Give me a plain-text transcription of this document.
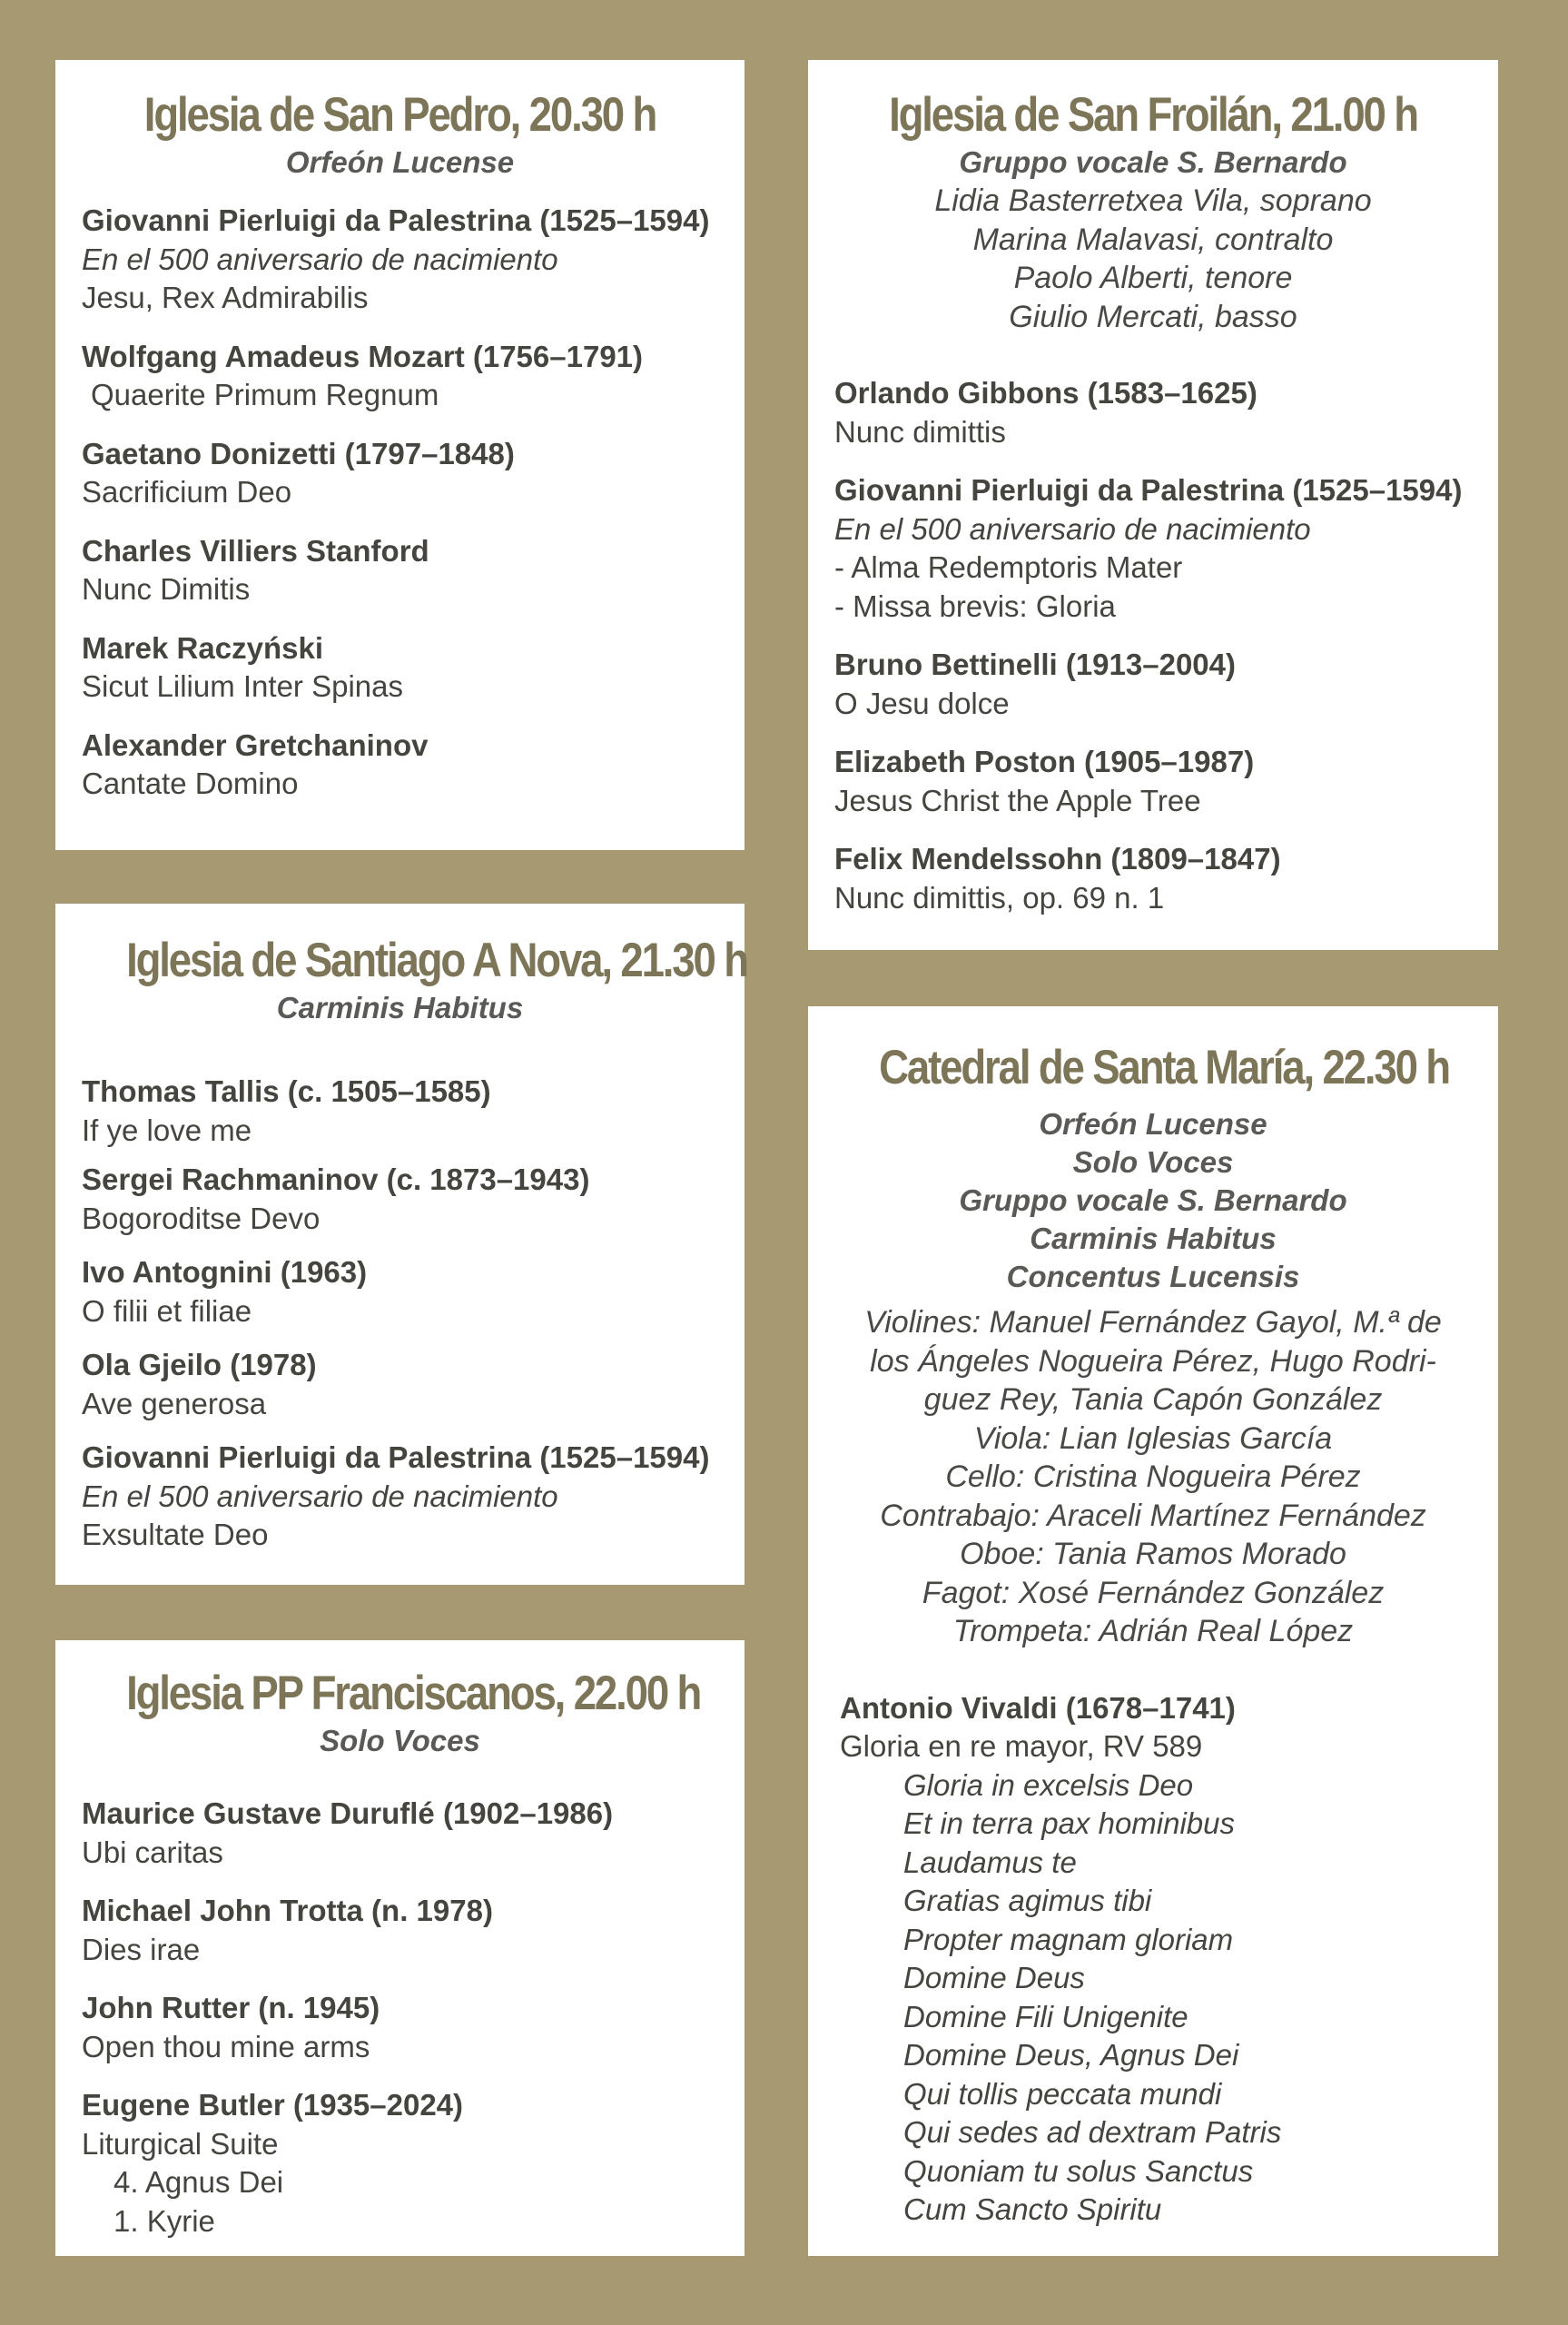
Iglesia de San Pedro, 20.30 h
Orfeón Lucense
Giovanni Pierluigi da Palestrina (1525–1594)
En el 500 aniversario de nacimiento
Jesu, Rex Admirabilis
Wolfgang Amadeus Mozart (1756–1791)
Quaerite Primum Regnum
Gaetano Donizetti (1797–1848)
Sacrificium Deo
Charles Villiers Stanford
Nunc Dimitis
Marek Raczyński
Sicut Lilium Inter Spinas
Alexander Gretchaninov
Cantate Domino
Iglesia de Santiago A Nova, 21.30 h
Carminis Habitus
Thomas Tallis (c. 1505–1585)
If ye love me
Sergei Rachmaninov (c. 1873–1943)
Bogoroditse Devo
Ivo Antognini (1963)
O filii et filiae
Ola Gjeilo (1978)
Ave generosa
Giovanni Pierluigi da Palestrina (1525–1594)
En el 500 aniversario de nacimiento
Exsultate Deo
Iglesia PP Franciscanos, 22.00 h
Solo Voces
Maurice Gustave Duruflé (1902–1986)
Ubi caritas
Michael John Trotta (n. 1978)
Dies irae
John Rutter (n. 1945)
Open thou mine arms
Eugene Butler (1935–2024)
Liturgical Suite
4. Agnus Dei
1. Kyrie
Iglesia de San Froilán, 21.00 h
Gruppo vocale S. Bernardo
Lidia Basterretxea Vila, soprano
Marina Malavasi, contralto
Paolo Alberti, tenore
Giulio Mercati, basso
Orlando Gibbons (1583–1625)
Nunc dimittis
Giovanni Pierluigi da Palestrina (1525–1594)
En el 500 aniversario de nacimiento
- Alma Redemptoris Mater
- Missa brevis: Gloria
Bruno Bettinelli (1913–2004)
O Jesu dolce
Elizabeth Poston (1905–1987)
Jesus Christ the Apple Tree
Felix Mendelssohn (1809–1847)
Nunc dimittis, op. 69 n. 1
Catedral de Santa María, 22.30 h
Orfeón Lucense
Solo Voces
Gruppo vocale S. Bernardo
Carminis Habitus
Concentus Lucensis
Violines: Manuel Fernández Gayol, M.ª de
los Ángeles Nogueira Pérez, Hugo Rodri-
guez Rey, Tania Capón González
Viola: Lian Iglesias García
Cello: Cristina Nogueira Pérez
Contrabajo: Araceli Martínez Fernández
Oboe: Tania Ramos Morado
Fagot: Xosé Fernández González
Trompeta: Adrián Real López
Antonio Vivaldi (1678–1741)
Gloria en re mayor, RV 589
Gloria in excelsis Deo
Et in terra pax hominibus
Laudamus te
Gratias agimus tibi
Propter magnam gloriam
Domine Deus
Domine Fili Unigenite
Domine Deus, Agnus Dei
Qui tollis peccata mundi
Qui sedes ad dextram Patris
Quoniam tu solus Sanctus
Cum Sancto Spiritu
